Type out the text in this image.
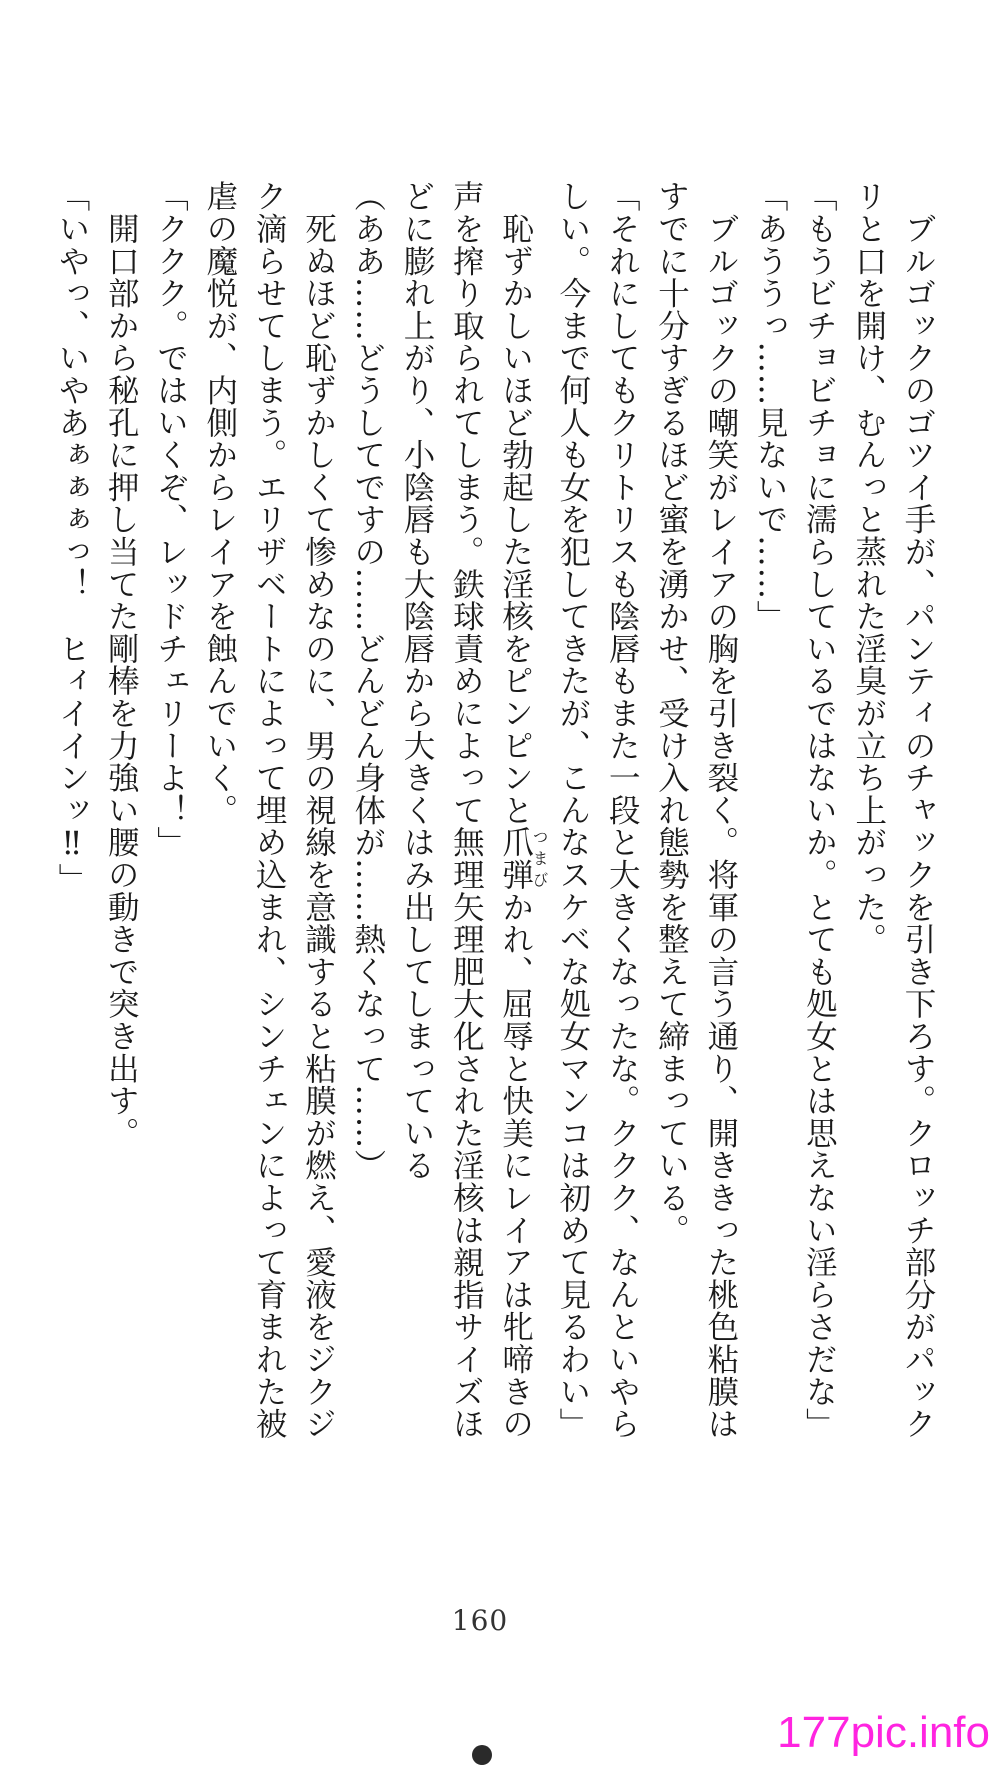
　ブルゴックのゴツイ手が、パンティのチャックを引き下ろす。クロッチ部分がパックリと口を開け、むんっと蒸れた淫臭が立ち上がった。

「もうビチョビチョに濡らしているではないか。とても処女とは思えない淫らさだな」

「あううっ……見ないで……」

　ブルゴックの嘲笑がレイアの胸を引き裂く。将軍の言う通り、開ききった桃色粘膜はすでに十分すぎるほど蜜を湧かせ、受け入れ態勢を整えて締まっている。

「それにしてもクリトリスも陰唇もまた一段と大きくなったな。ククク、なんといやらしい。今まで何人も女を犯してきたが、こんなスケベな処女マンコは初めて見るわい」

　恥ずかしいほど勃起した淫核をピンピンと爪弾つまびかれ、屈辱と快美にレイアは牝啼きの声を搾り取られてしまう。鉄球責めによって無理矢理肥大化された淫核は親指サイズほどに膨れ上がり、小陰唇も大陰唇から大きくはみ出してしまっている

（ああ……どうしてですの……どんどん身体が……熱くなって……）

　死ぬほど恥ずかしくて惨めなのに、男の視線を意識すると粘膜が燃え、愛液をジクジク滴らせてしまう。エリザベートによって埋め込まれ、シンチェンによって育まれた被虐の魔悦が、内側からレイアを蝕んでいく。

「ククク。ではいくぞ、レッドチェリーよ！」

　開口部から秘孔に押し当てた剛棒を力強い腰の動きで突き出す。

「いやっ、いやあぁぁぁっ！　ヒィイインッ‼」

160
177pic.info
